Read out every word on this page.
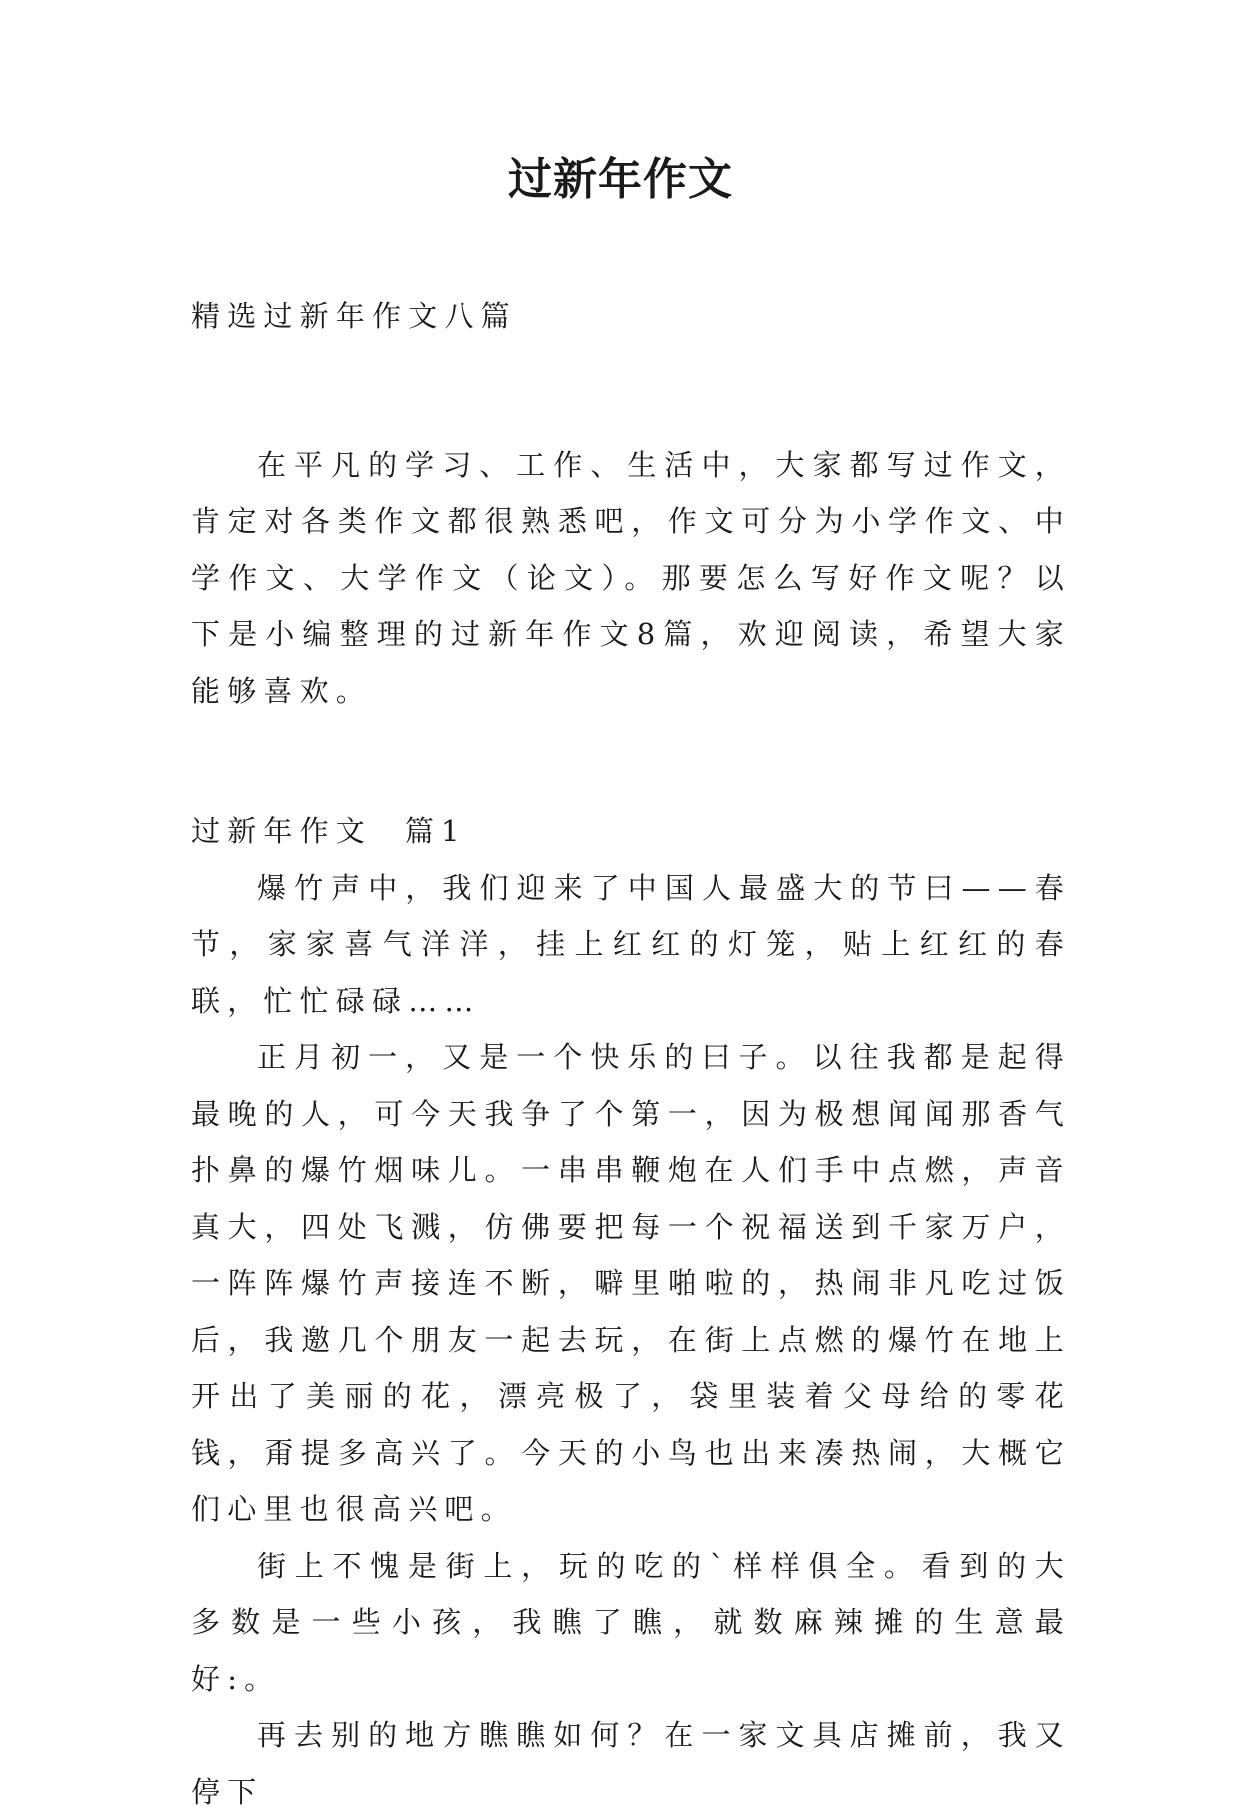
过新年作文

精选过新年作文八篇

在平凡的学习、工作、生活中，大家都写过作文，肯定对各类作文都很熟悉吧，作文可分为小学作文、中学作文、大学作文（论文）。那要怎么写好作文呢？以下是小编整理的过新年作文8篇，欢迎阅读，希望大家能够喜欢。

过新年作文  篇1

爆竹声中，我们迎来了中国人最盛大的节曰——春节，家家喜气洋洋，挂上红红的灯笼，贴上红红的春联，忙忙碌碌……

正月初一，又是一个快乐的曰子。以往我都是起得最晚的人，可今天我争了个第一，因为极想闻闻那香气扑鼻的爆竹烟味儿。一串串鞭炮在人们手中点燃，声音真大，四处飞溅，仿佛要把每一个祝福送到千家万户，一阵阵爆竹声接连不断，噼里啪啦的，热闹非凡吃过饭后，我邀几个朋友一起去玩，在街上点燃的爆竹在地上开出了美丽的花，漂亮极了，袋里装着父母给的零花钱，甭提多高兴了。今天的小鸟也出来凑热闹，大概它们心里也很高兴吧。

街上不愧是街上，玩的吃的`样样俱全。看到的大多数是一些小孩，我瞧了瞧，就数麻辣摊的生意最好:。

再去别的地方瞧瞧如何？在一家文具店摊前，我又停下
